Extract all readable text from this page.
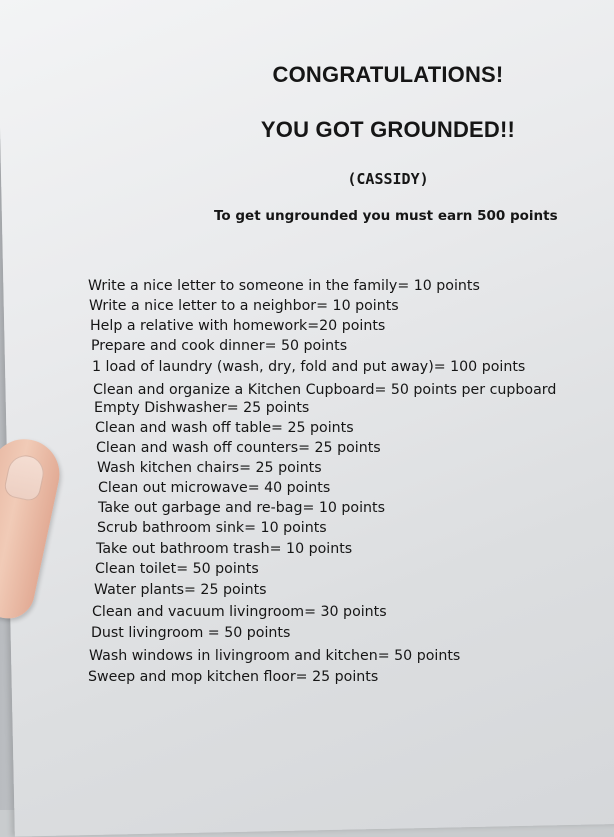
CONGRATULATIONS!
YOU GOT GROUNDED!!
(CASSIDY)
To get ungrounded you must earn 500 points
Write a nice letter to someone in the family= 10 points
Write a nice letter to a neighbor= 10 points
Help a relative with homework=20 points
Prepare and cook dinner= 50 points
1 load of laundry (wash, dry, fold and put away)= 100 points
Clean and organize a Kitchen Cupboard= 50 points per cupboard
Empty Dishwasher= 25 points
Clean and wash off table= 25 points
Clean and wash off counters= 25 points
Wash kitchen chairs= 25 points
Clean out microwave= 40 points
Take out garbage and re-bag= 10 points
Scrub bathroom sink= 10 points
Take out bathroom trash= 10 points
Clean toilet= 50 points
Water plants= 25 points
Clean and vacuum livingroom= 30 points
Dust livingroom = 50 points
Wash windows in livingroom and kitchen= 50 points
Sweep and mop kitchen floor= 25 points
